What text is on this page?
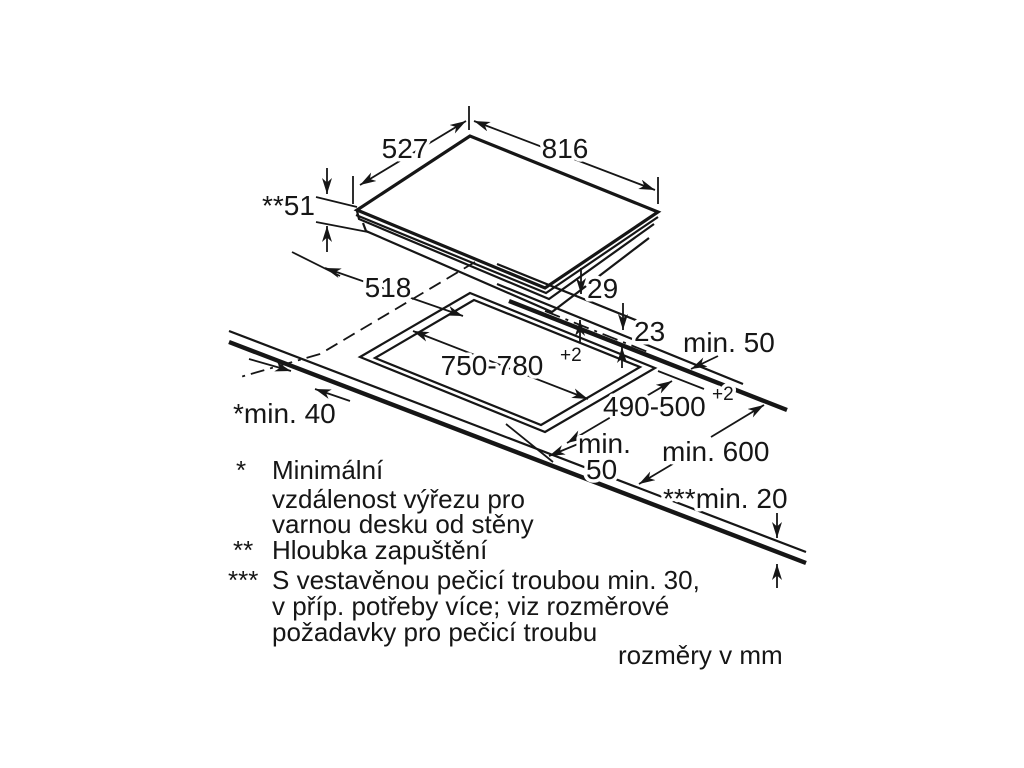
527	816
**51
518	29
23
*min. 40
750-780 +2
490-500 +2
min. 50
min.
50
min. 600
***min. 20
* Minimální
vzdálenost výřezu pro
varnou desku od stěny
** Hloubka zapuštění
*** S vestavěnou pečicí troubou min. 30,
v příp. potřeby více; viz rozměrové
požadavky pro pečicí troubu
rozměry v mm
